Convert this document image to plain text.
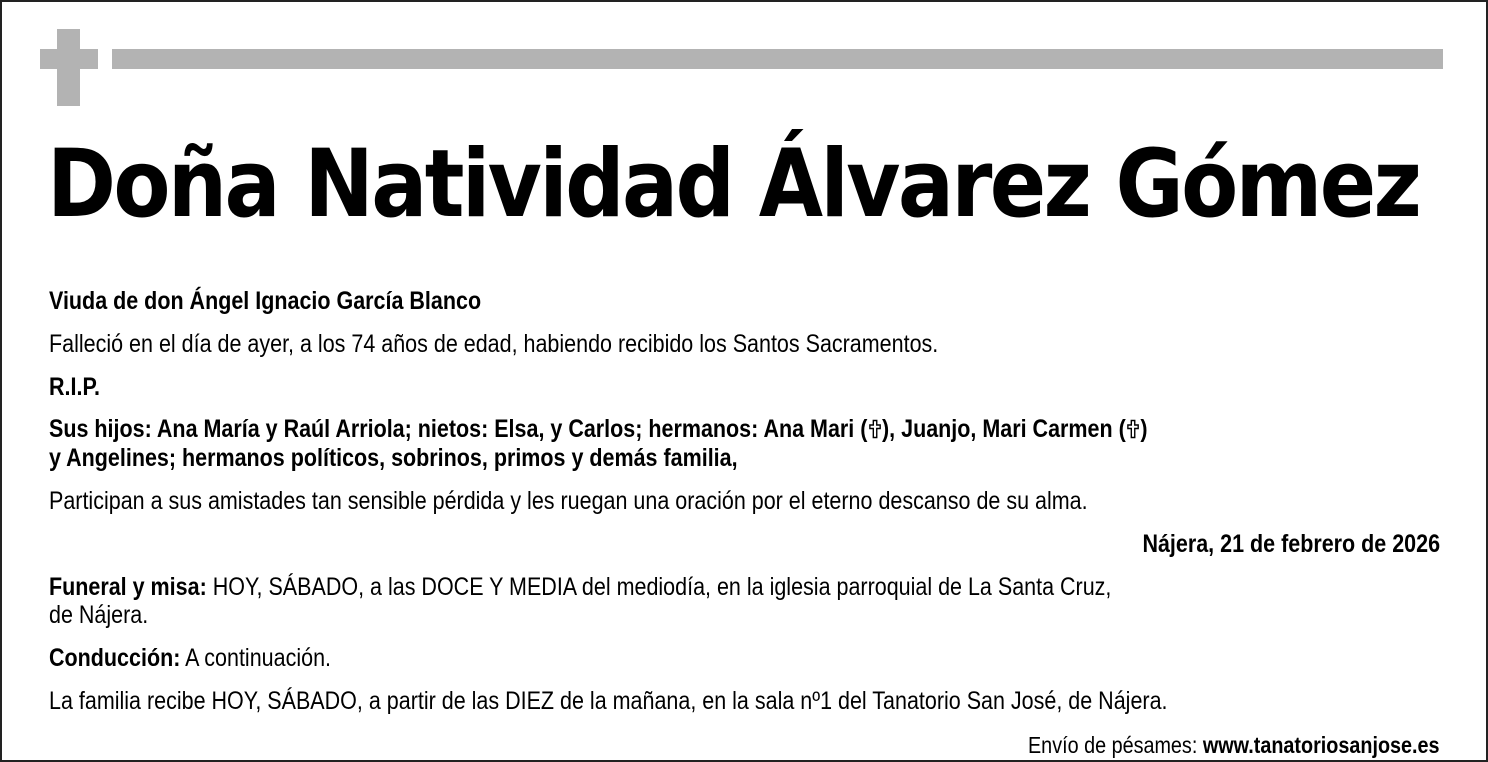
Doña Natividad Álvarez Gómez
Viuda de don Ángel Ignacio García Blanco
Falleció en el día de ayer, a los 74 años de edad, habiendo recibido los Santos Sacramentos.
R.I.P.
Sus hijos: Ana María y Raúl Arriola; nietos: Elsa, y Carlos; hermanos: Ana Mari ( ), Juanjo, Mari Carmen ( )
y Angelines; hermanos políticos, sobrinos, primos y demás familia,
Participan a sus amistades tan sensible pérdida y les ruegan una oración por el eterno descanso de su alma.
Nájera, 21 de febrero de 2026
Funeral y misa: HOY, SÁBADO, a las DOCE Y MEDIA del mediodía, en la iglesia parroquial de La Santa Cruz,
de Nájera.
Conducción: A continuación.
La familia recibe HOY, SÁBADO, a partir de las DIEZ de la mañana, en la sala nº1 del Tanatorio San José, de Nájera.
Envío de pésames: www.tanatoriosanjose.es
